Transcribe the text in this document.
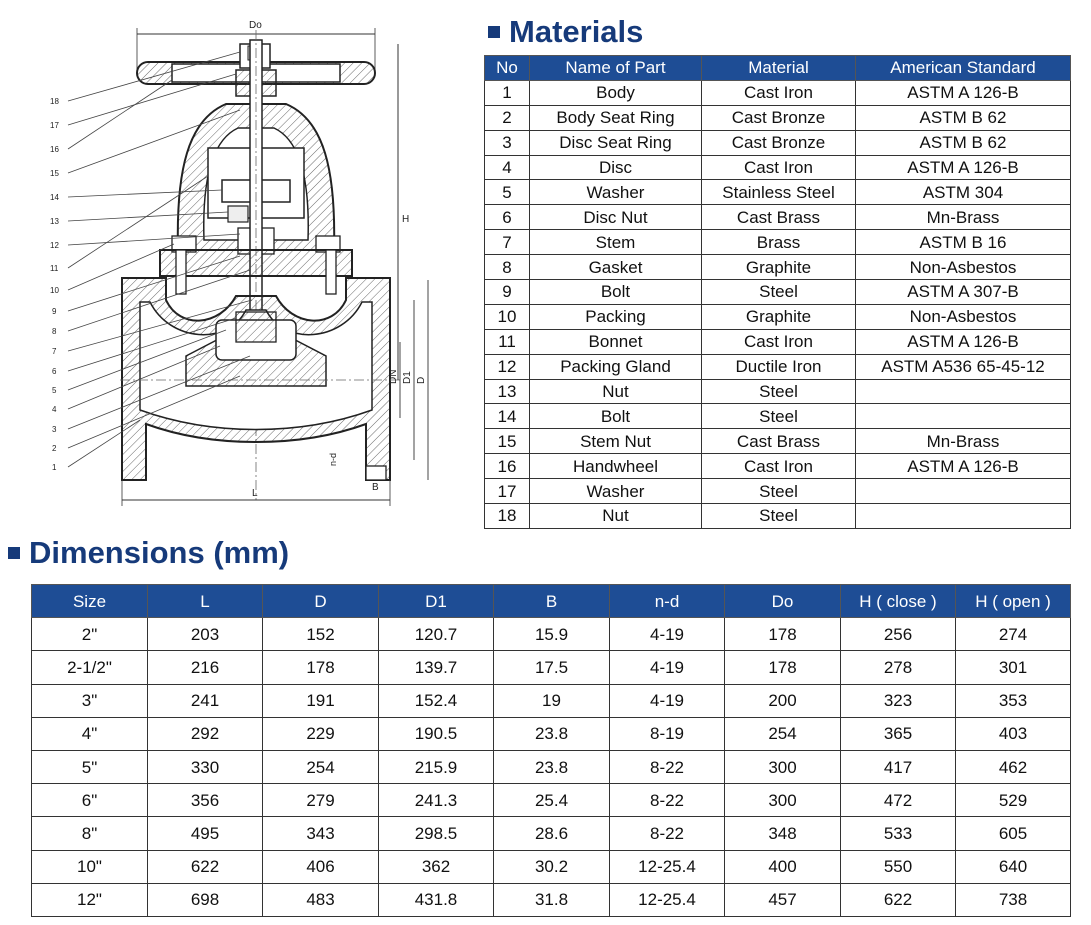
Do
H
DN D1 D
n-d
B
L
18
17
16
15
14
13
12
11
10
9
8
7
6
5
4
3
2
1
Materials
No	Name of Part	Material	American Standard
1	Body	Cast Iron	ASTM A 126-B
2	Body Seat Ring	Cast Bronze	ASTM B 62
3	Disc Seat Ring	Cast Bronze	ASTM B 62
4	Disc	Cast Iron	ASTM A 126-B
5	Washer	Stainless Steel	ASTM 304
6	Disc Nut	Cast Brass	Mn-Brass
7	Stem	Brass	ASTM B 16
8	Gasket	Graphite	Non-Asbestos
9	Bolt	Steel	ASTM A 307-B
10	Packing	Graphite	Non-Asbestos
11	Bonnet	Cast Iron	ASTM A 126-B
12	Packing Gland	Ductile Iron	ASTM A536 65-45-12
13	Nut	Steel	
14	Bolt	Steel	
15	Stem Nut	Cast Brass	Mn-Brass
16	Handwheel	Cast Iron	ASTM A 126-B
17	Washer	Steel	
18	Nut	Steel	
Dimensions (mm)
Size	L	D	D1	B	n-d	Do	H ( close )	H ( open )
2"	203	152	120.7	15.9	4-19	178	256	274
2-1/2"	216	178	139.7	17.5	4-19	178	278	301
3"	241	191	152.4	19	4-19	200	323	353
4"	292	229	190.5	23.8	8-19	254	365	403
5"	330	254	215.9	23.8	8-22	300	417	462
6"	356	279	241.3	25.4	8-22	300	472	529
8"	495	343	298.5	28.6	8-22	348	533	605
10"	622	406	362	30.2	12-25.4	400	550	640
12"	698	483	431.8	31.8	12-25.4	457	622	738
